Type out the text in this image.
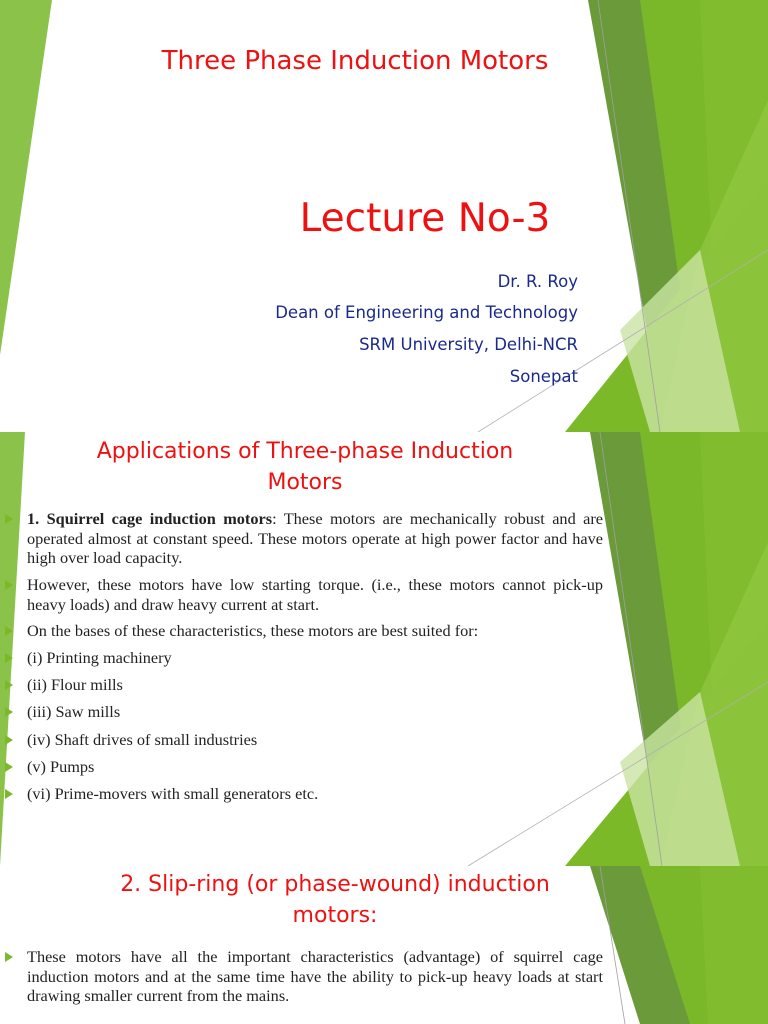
Three Phase Induction Motors
Lecture No-3
Dr. R. Roy
Dean of Engineering and Technology
SRM University, Delhi-NCR
Sonepat
Applications of Three-phase Induction
Motors
1. Squirrel cage induction motors: These motors are mechanically robust and are operated almost at constant speed. These motors operate at high power factor and have high over load capacity.
However, these motors have low starting torque. (i.e., these motors cannot pick-up heavy loads) and draw heavy current at start.
On the bases of these characteristics, these motors are best suited for:
(i) Printing machinery
(ii) Flour mills
(iii) Saw mills
(iv) Shaft drives of small industries
(v) Pumps
(vi) Prime-movers with small generators etc.
2. Slip-ring (or phase-wound) induction
motors:
These motors have all the important characteristics (advantage) of squirrel cage induction motors and at the same time have the ability to pick-up heavy loads at start drawing smaller current from the mains.
